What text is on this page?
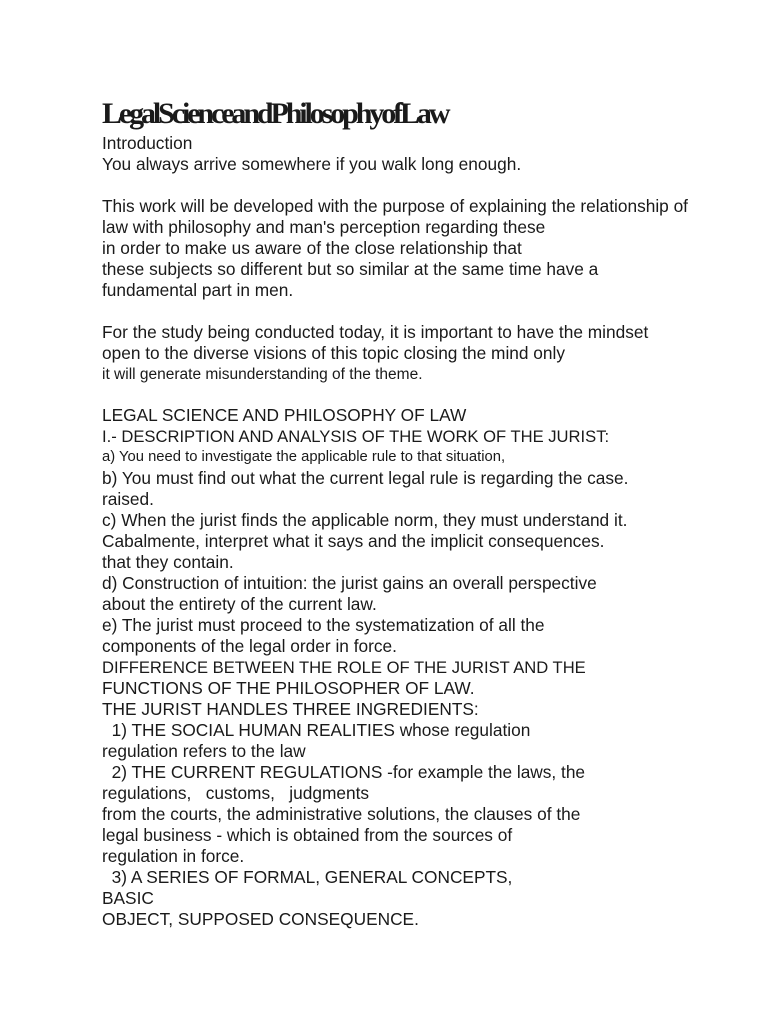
LegalScienceandPhilosophyofLaw
Introduction
You always arrive somewhere if you walk long enough.
This work will be developed with the purpose of explaining the relationship of
law with philosophy and man's perception regarding these
in order to make us aware of the close relationship that
these subjects so different but so similar at the same time have a
fundamental part in men.
For the study being conducted today, it is important to have the mindset
open to the diverse visions of this topic closing the mind only
it will generate misunderstanding of the theme.
LEGAL SCIENCE AND PHILOSOPHY OF LAW
I.- DESCRIPTION AND ANALYSIS OF THE WORK OF THE JURIST:
a) You need to investigate the applicable rule to that situation,
b) You must find out what the current legal rule is regarding the case.
raised.
c) When the jurist finds the applicable norm, they must understand it.
Cabalmente, interpret what it says and the implicit consequences.
that they contain.
d) Construction of intuition: the jurist gains an overall perspective
about the entirety of the current law.
e) The jurist must proceed to the systematization of all the
components of the legal order in force.
DIFFERENCE BETWEEN THE ROLE OF THE JURIST AND THE
FUNCTIONS OF THE PHILOSOPHER OF LAW.
THE JURIST HANDLES THREE INGREDIENTS:
1) THE SOCIAL HUMAN REALITIES whose regulation
regulation refers to the law
2) THE CURRENT REGULATIONS -for example the laws, the
regulations,   customs,   judgments
from the courts, the administrative solutions, the clauses of the
legal business - which is obtained from the sources of
regulation in force.
3) A SERIES OF FORMAL, GENERAL CONCEPTS,
BASIC
OBJECT, SUPPOSED CONSEQUENCE.
